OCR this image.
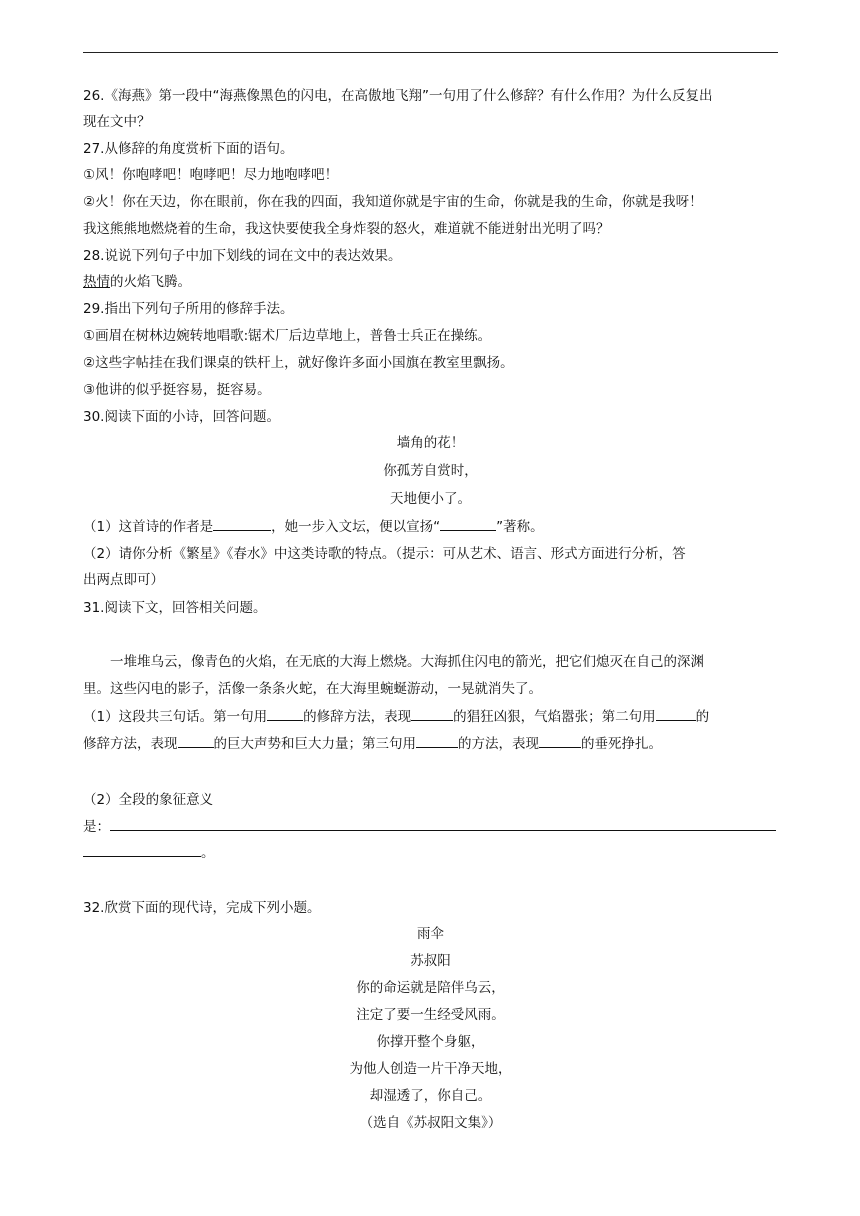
26.《海燕》第一段中“海燕像黑色的闪电，在高傲地飞翔”一句用了什么修辞？有什么作用？为什么反复出
现在文中？
27.从修辞的角度赏析下面的语句。
①风！你咆哮吧！咆哮吧！尽力地咆哮吧！
②火！你在天边，你在眼前，你在我的四面，我知道你就是宇宙的生命，你就是我的生命，你就是我呀！
我这熊熊地燃烧着的生命，我这快要使我全身炸裂的怒火，难道就不能迸射出光明了吗？
28.说说下列句子中加下划线的词在文中的表达效果。
热情的火焰飞腾。
29.指出下列句子所用的修辞手法。
①画眉在树林边婉转地唱歌:锯术厂后边草地上，普鲁士兵正在操练。
②这些字帖挂在我们课桌的铁杆上，就好像许多面小国旗在教室里飘扬。
③他讲的似乎挺容易，挺容易。
30.阅读下面的小诗，回答问题。
墙角的花！
你孤芳自赏时，
天地便小了。
（1）这首诗的作者是	，她一步入文坛，便以宣扬“	”著称。
（2）请你分析《繁星》《春水》中这类诗歌的特点。（提示：可从艺术、语言、形式方面进行分析，答
出两点即可）
31.阅读下文，回答相关问题。
一堆堆乌云，像青色的火焰，在无底的大海上燃烧。大海抓住闪电的箭光，把它们熄灭在自己的深渊
里。这些闪电的影子，活像一条条火蛇，在大海里蜿蜒游动，一晃就消失了。
（1）这段共三句话。第一句用	的修辞方法，表现	的猖狂凶狠，气焰嚣张；第二句用	的
修辞方法，表现	的巨大声势和巨大力量；第三句用	的方法，表现	的垂死挣扎。
（2）全段的象征意义
是：
。
32.欣赏下面的现代诗，完成下列小题。
雨伞
苏叔阳
你的命运就是陪伴乌云，
注定了要一生经受风雨。
你撑开整个身躯，
为他人创造一片干净天地，
却湿透了，你自己。
（选自《苏叔阳文集》）
